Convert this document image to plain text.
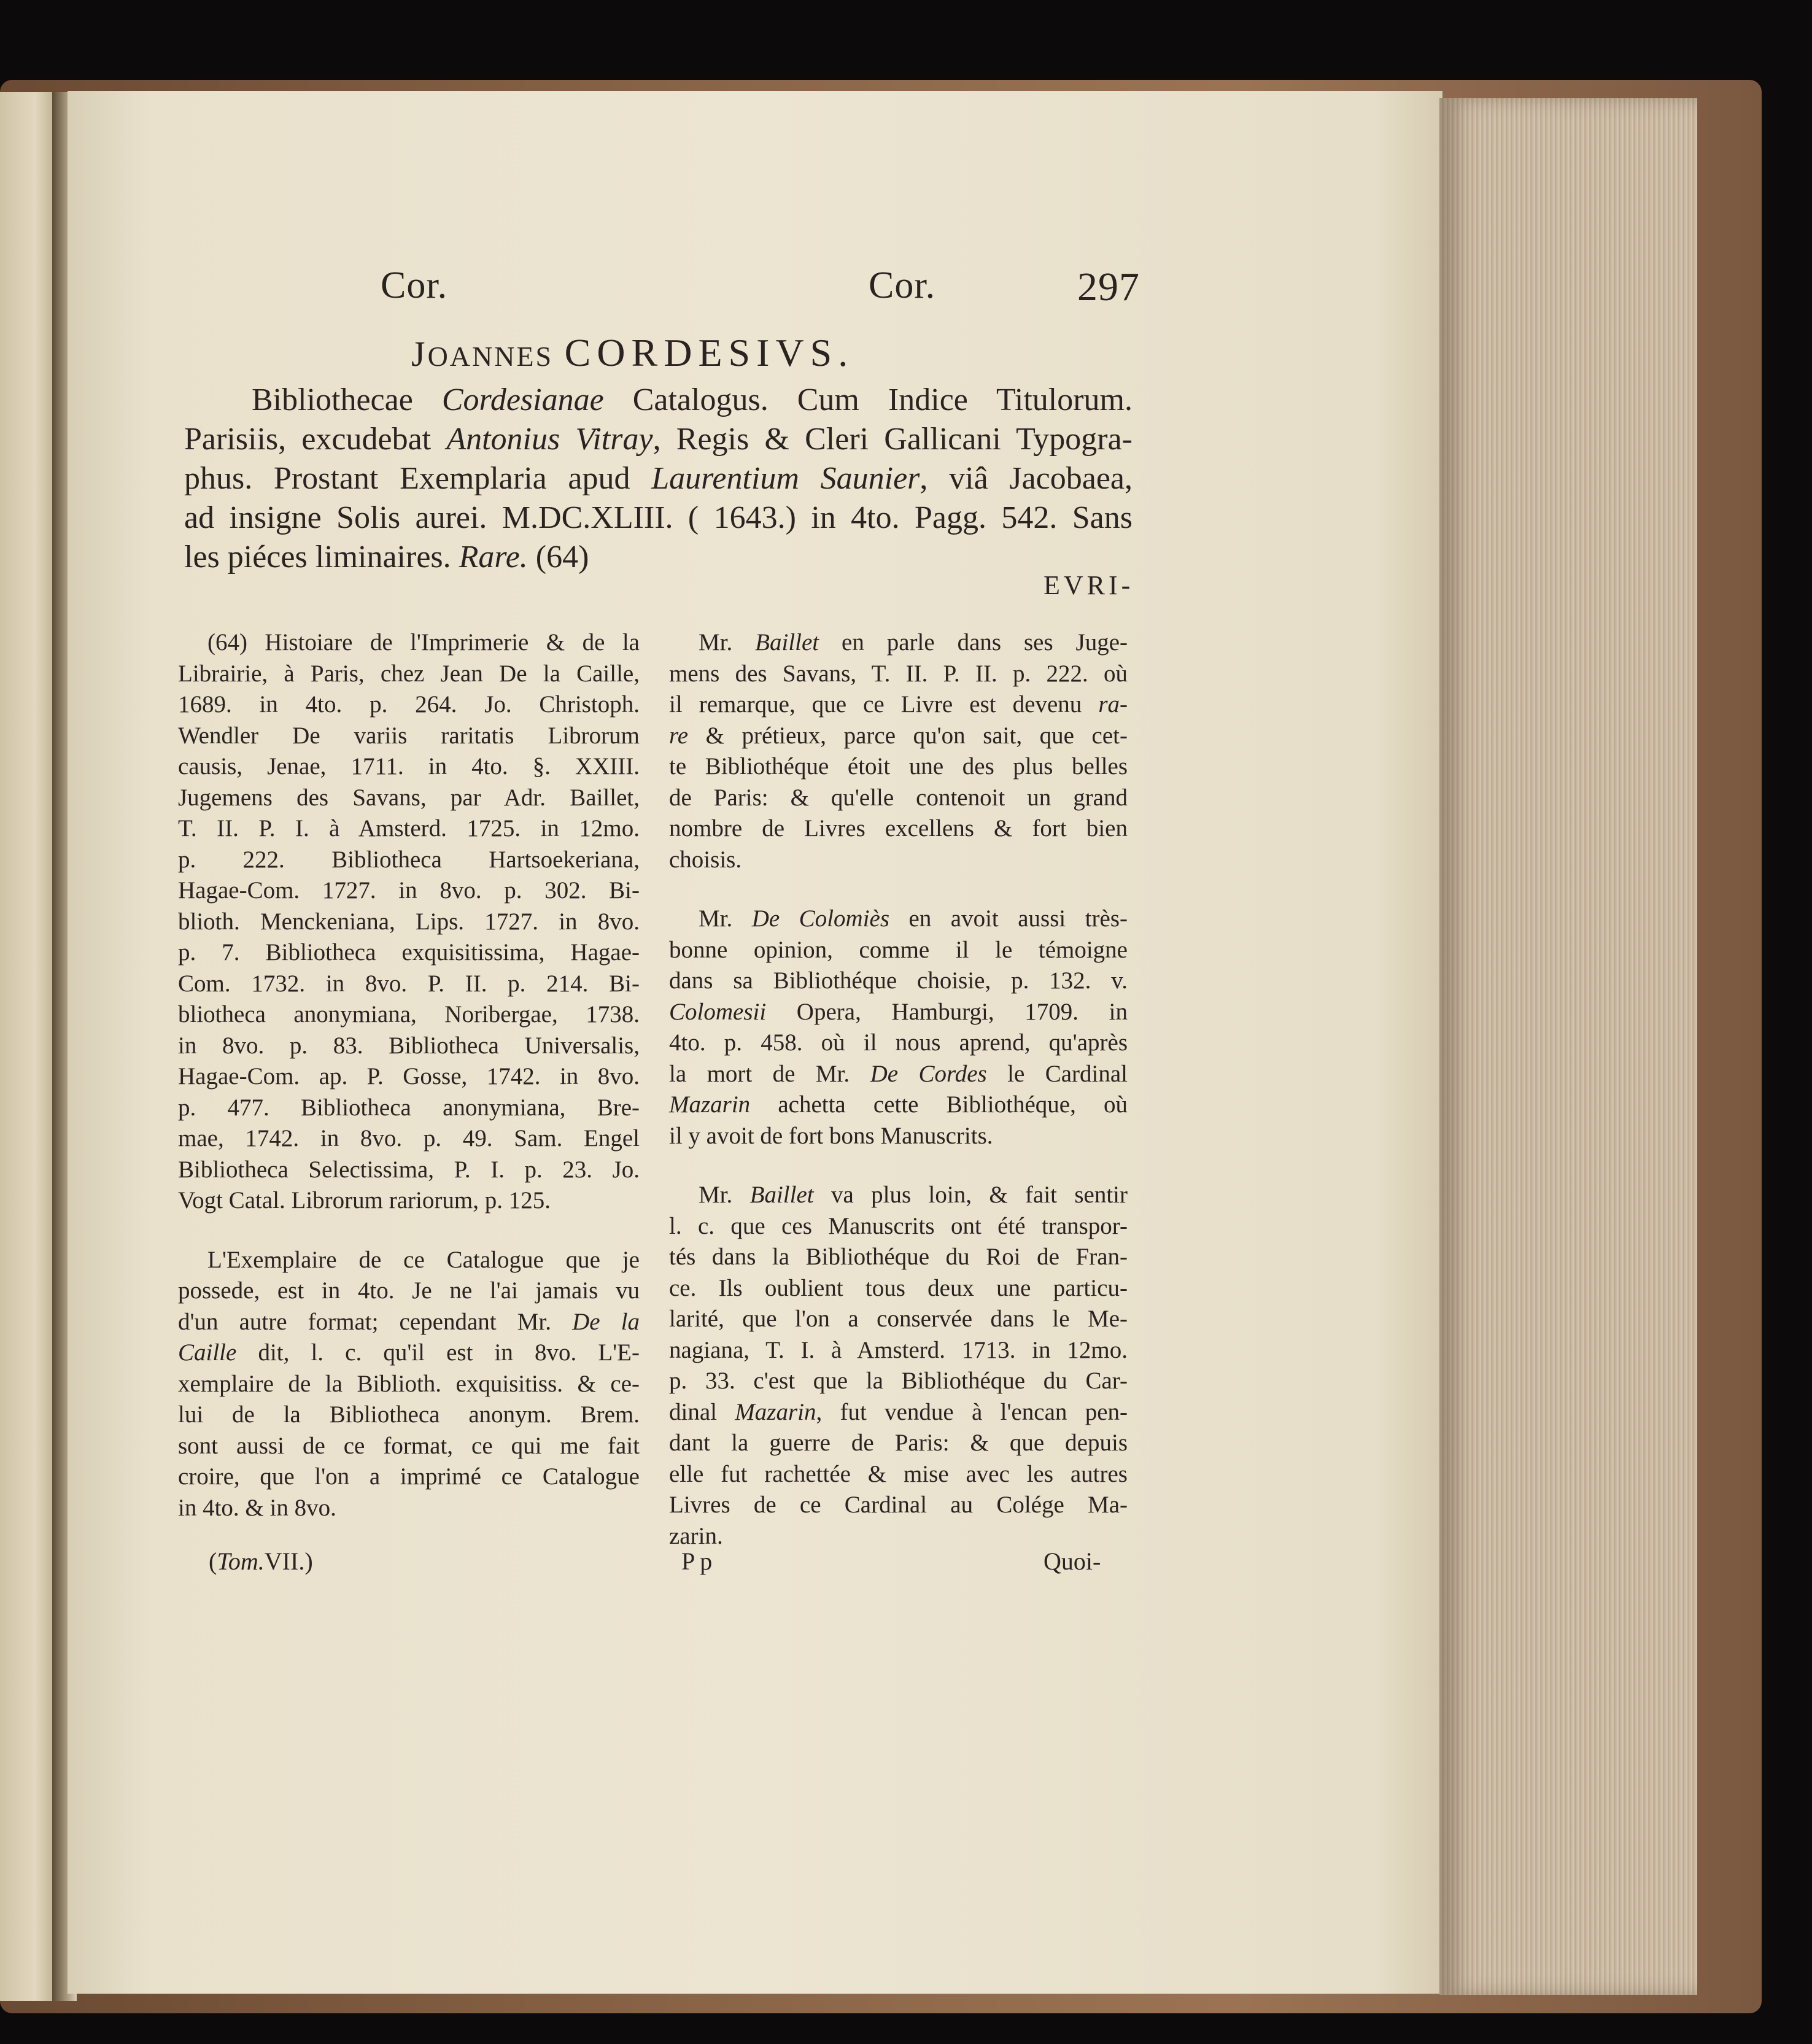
Cor.	Cor.	297
JOANNES CORDESIVS.
Bibliothecae Cordesianae Catalogus. Cum Indice Titulorum.
Parisiis, excudebat Antonius Vitray, Regis & Cleri Gallicani Typogra-
phus. Prostant Exemplaria apud Laurentium Saunier, viâ Jacobaea,
ad insigne Solis aurei. M.DC.XLIII. ( 1643.) in 4to. Pagg. 542. Sans
les piéces liminaires. Rare. (64)
EVRI-
(64) Histoiare de l'Imprimerie & de la
Librairie, à Paris, chez Jean De la Caille,
1689. in 4to. p. 264. Jo. Christoph.
Wendler De variis raritatis Librorum
causis, Jenae, 1711. in 4to. §. XXIII.
Jugemens des Savans, par Adr. Baillet,
T. II. P. I. à Amsterd. 1725. in 12mo.
p. 222. Bibliotheca Hartsoekeriana,
Hagae-Com. 1727. in 8vo. p. 302. Bi-
blioth. Menckeniana, Lips. 1727. in 8vo.
p. 7. Bibliotheca exquisitissima, Hagae-
Com. 1732. in 8vo. P. II. p. 214. Bi-
bliotheca anonymiana, Noribergae, 1738.
in 8vo. p. 83. Bibliotheca Universalis,
Hagae-Com. ap. P. Gosse, 1742. in 8vo.
p. 477. Bibliotheca anonymiana, Bre-
mae, 1742. in 8vo. p. 49. Sam. Engel
Bibliotheca Selectissima, P. I. p. 23. Jo.
Vogt Catal. Librorum rariorum, p. 125.
L'Exemplaire de ce Catalogue que je
possede, est in 4to. Je ne l'ai jamais vu
d'un autre format; cependant Mr. De la
Caille dit, l. c. qu'il est in 8vo. L'E-
xemplaire de la Biblioth. exquisitiss. & ce-
lui de la Bibliotheca anonym. Brem.
sont aussi de ce format, ce qui me fait
croire, que l'on a imprimé ce Catalogue
in 4to. & in 8vo.
Mr. Baillet en parle dans ses Juge-
mens des Savans, T. II. P. II. p. 222. où
il remarque, que ce Livre est devenu ra-
re & prétieux, parce qu'on sait, que cet-
te Bibliothéque étoit une des plus belles
de Paris: & qu'elle contenoit un grand
nombre de Livres excellens & fort bien
choisis.
Mr. De Colomiès en avoit aussi très-
bonne opinion, comme il le témoigne
dans sa Bibliothéque choisie, p. 132. v.
Colomesii Opera, Hamburgi, 1709. in
4to. p. 458. où il nous aprend, qu'après
la mort de Mr. De Cordes le Cardinal
Mazarin achetta cette Bibliothéque, où
il y avoit de fort bons Manuscrits.
Mr. Baillet va plus loin, & fait sentir
l. c. que ces Manuscrits ont été transpor-
tés dans la Bibliothéque du Roi de Fran-
ce. Ils oublient tous deux une particu-
larité, que l'on a conservée dans le Me-
nagiana, T. I. à Amsterd. 1713. in 12mo.
p. 33. c'est que la Bibliothéque du Car-
dinal Mazarin, fut vendue à l'encan pen-
dant la guerre de Paris: & que depuis
elle fut rachettée & mise avec les autres
Livres de ce Cardinal au Colége Ma-
zarin.
(Tom.VII.)	Pp	Quoi-
